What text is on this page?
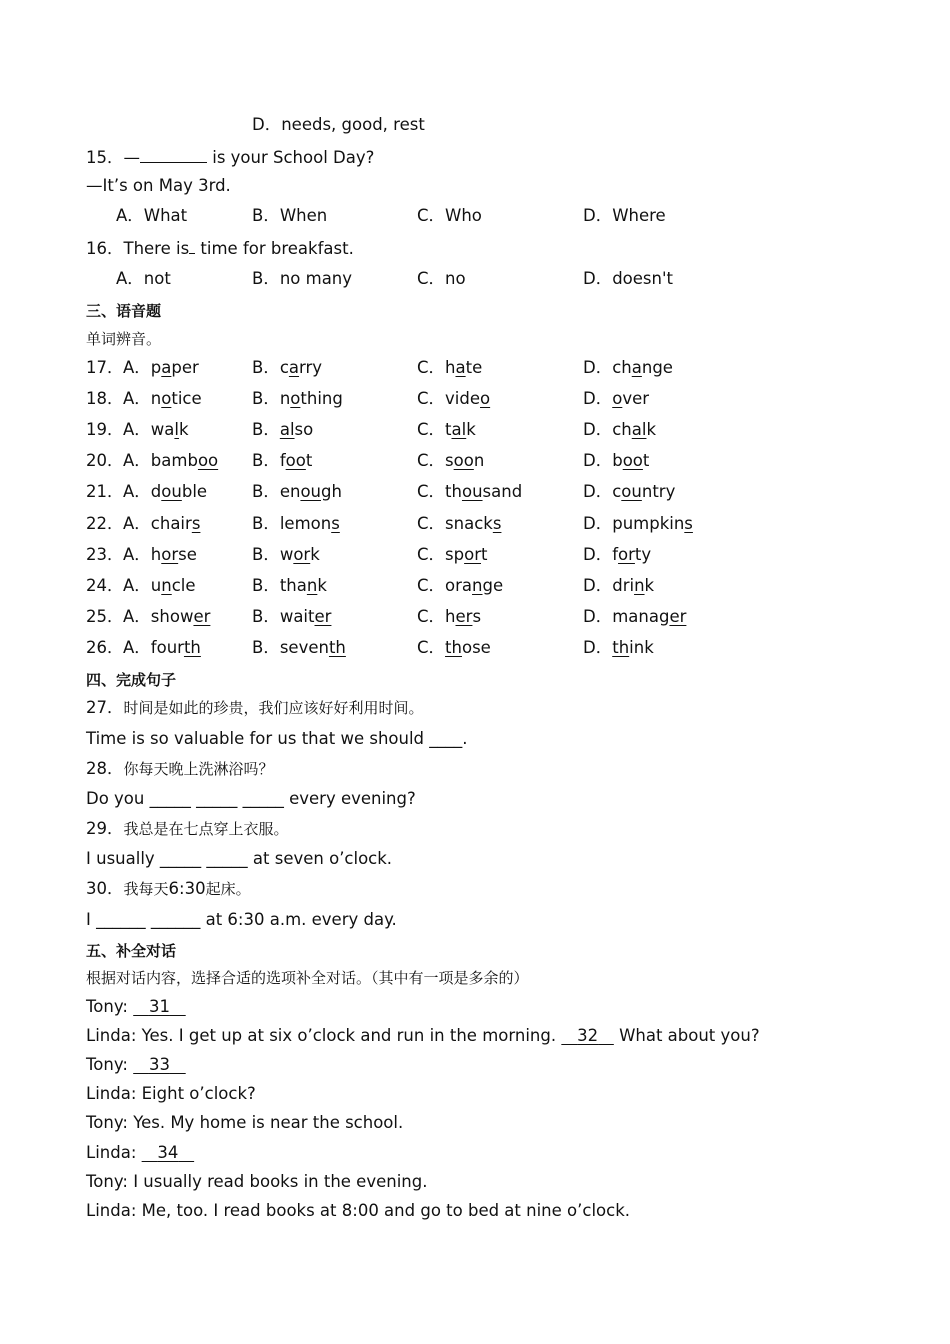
D．needs, good, rest
15．—	is your School Day?
—It’s on May 3rd.
A．What	B．When	C．Who	D．Where
16．There is time for breakfast.
A．not	B．no many	C．no	D．doesn't
三、语音题
单词辨音。
17． A．paper	B．carry	C．hate	D．change
18． A．notice	B．nothing	C．video	D．over
19． A．walk	B．also	C．talk	D．chalk
20． A．bamboo B．foot	C．soon	D．boot
21． A．double	B．enough	C．thousand	D．country
22． A．chairs	B．lemons	C．snacks	D．pumpkins
23． A．horse	B．work	C．sport	D．forty
24． A．uncle	B．thank	C．orange	D．drink
25． A．shower	B．waiter	C．hers	D．manager
26． A．fourth	B．seventh	C．those	D．think
四、完成句子
27．时间是如此的珍贵，我们应该好好利用时间。
Time is so valuable for us that we should ____.
28．你每天晚上洗淋浴吗？
Do you _____ _____ _____ every evening?
29．我总是在七点穿上衣服。
I usually _____ _____ at seven o’clock.
30．我每天6:30起床。
I ______ ______ at 6:30 a.m. every day.
五、补全对话
根据对话内容，选择合适的选项补全对话。（其中有一项是多余的）
Tony:    31
Linda: Yes. I get up at six o’clock and run in the morning.    32    What about you?
Tony:    33
Linda: Eight o’clock?
Tony: Yes. My home is near the school.
Linda:    34
Tony: I usually read books in the evening.
Linda: Me, too. I read books at 8:00 and go to bed at nine o’clock.
